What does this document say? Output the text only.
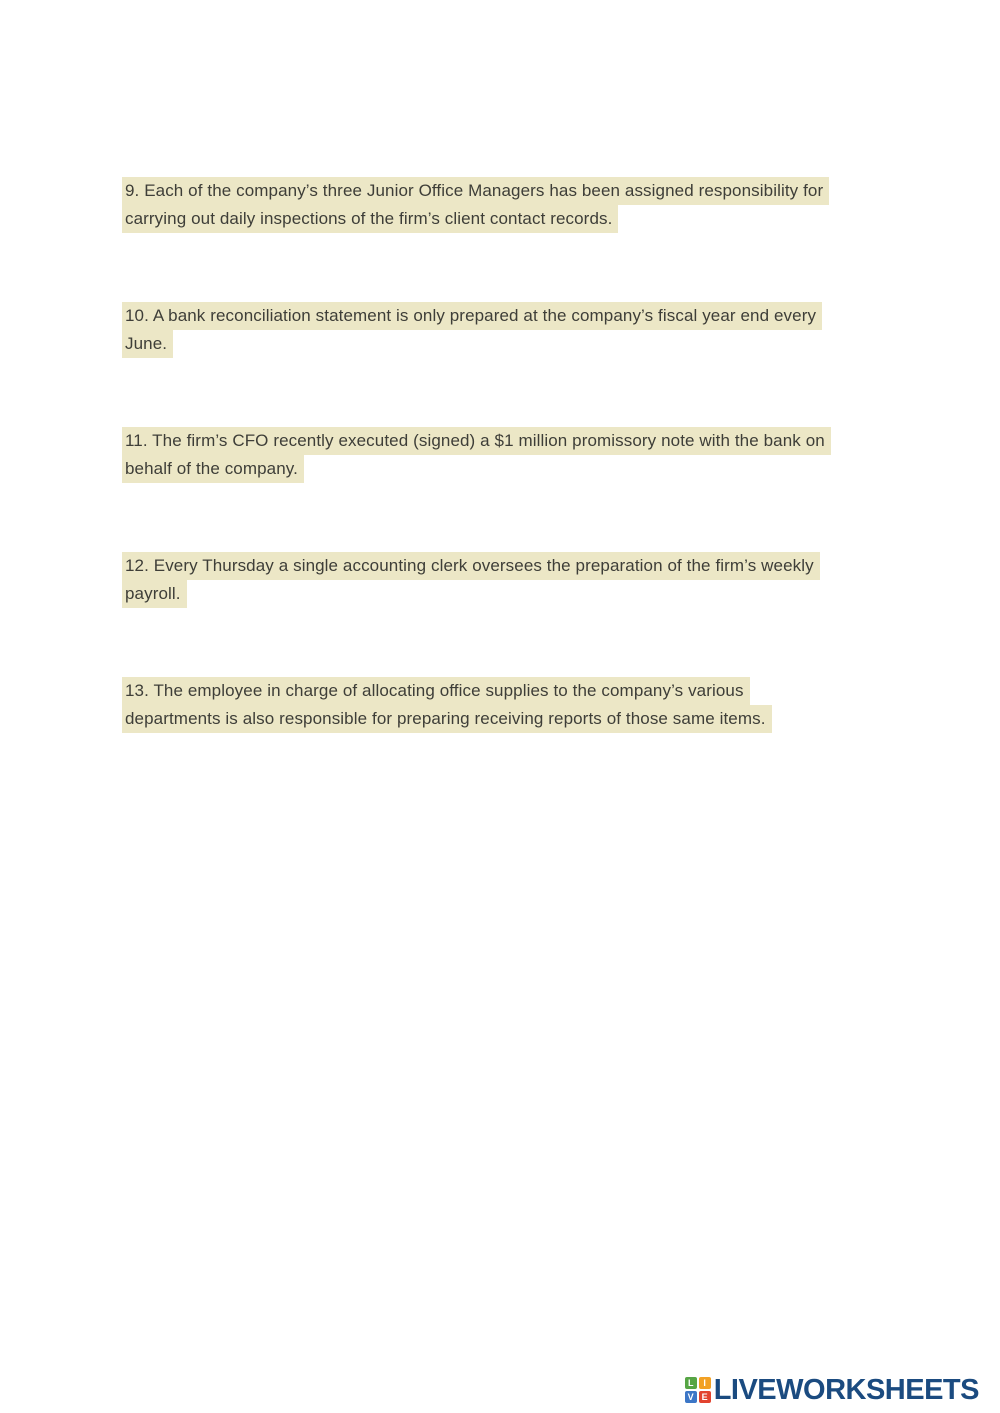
9. Each of the company’s three Junior Office Managers has been assigned responsibility for
carrying out daily inspections of the firm’s client contact records.
10. A bank reconciliation statement is only prepared at the company’s fiscal year end every
June.
11. The firm’s CFO recently executed (signed) a $1 million promissory note with the bank on
behalf of the company.
12. Every Thursday a single accounting clerk oversees the preparation of the firm’s weekly
payroll.
13. The employee in charge of allocating office supplies to the company’s various
departments is also responsible for preparing receiving reports of those same items.
L	I
V E LIVEWORKSHEETS
